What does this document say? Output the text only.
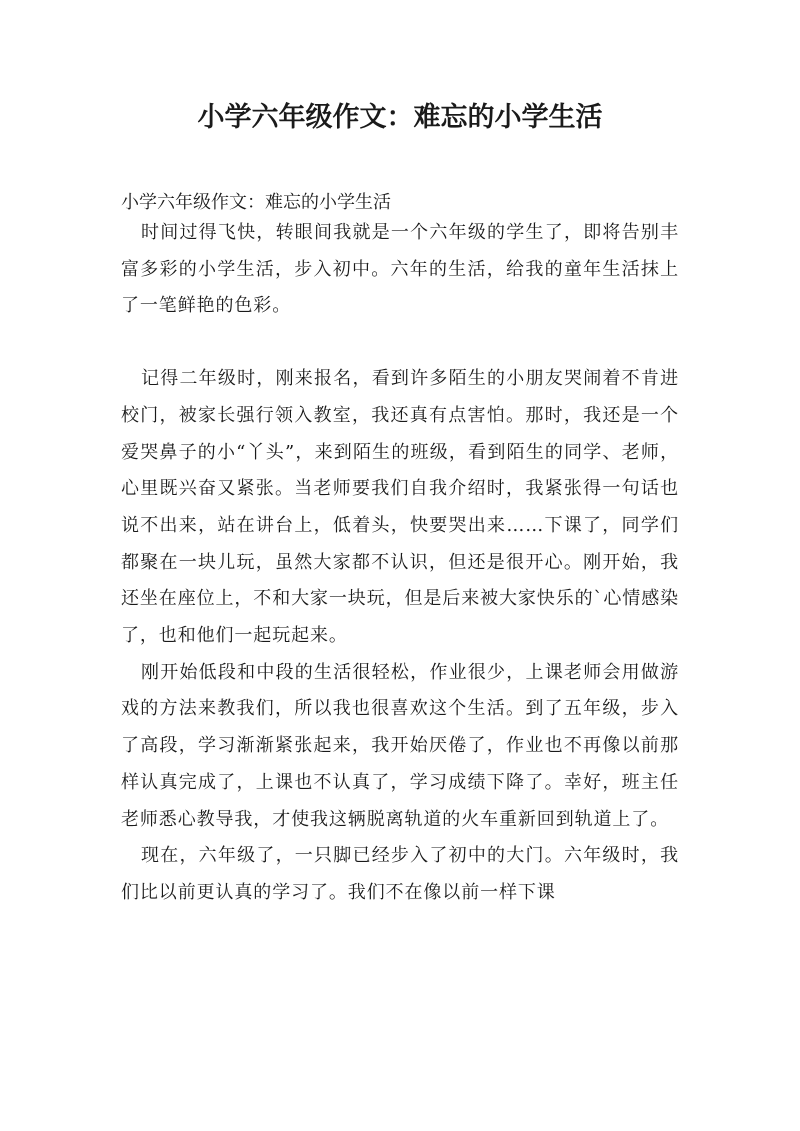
小学六年级作文：难忘的小学生活

小学六年级作文：难忘的小学生活

时间过得飞快，转眼间我就是一个六年级的学生了，即将告别丰富多彩的小学生活，步入初中。六年的生活，给我的童年生活抹上了一笔鲜艳的色彩。

记得二年级时，刚来报名，看到许多陌生的小朋友哭闹着不肯进校门，被家长强行领入教室，我还真有点害怕。那时，我还是一个爱哭鼻子的小“丫头”，来到陌生的班级，看到陌生的同学、老师，心里既兴奋又紧张。当老师要我们自我介绍时，我紧张得一句话也说不出来，站在讲台上，低着头，快要哭出来……下课了，同学们都聚在一块儿玩，虽然大家都不认识，但还是很开心。刚开始，我还坐在座位上，不和大家一块玩，但是后来被大家快乐的`心情感染了，也和他们一起玩起来。

刚开始低段和中段的生活很轻松，作业很少，上课老师会用做游戏的方法来教我们，所以我也很喜欢这个生活。到了五年级，步入了高段，学习渐渐紧张起来，我开始厌倦了，作业也不再像以前那样认真完成了，上课也不认真了，学习成绩下降了。幸好，班主任老师悉心教导我，才使我这辆脱离轨道的火车重新回到轨道上了。

现在，六年级了，一只脚已经步入了初中的大门。六年级时，我们比以前更认真的学习了。我们不在像以前一样下课
